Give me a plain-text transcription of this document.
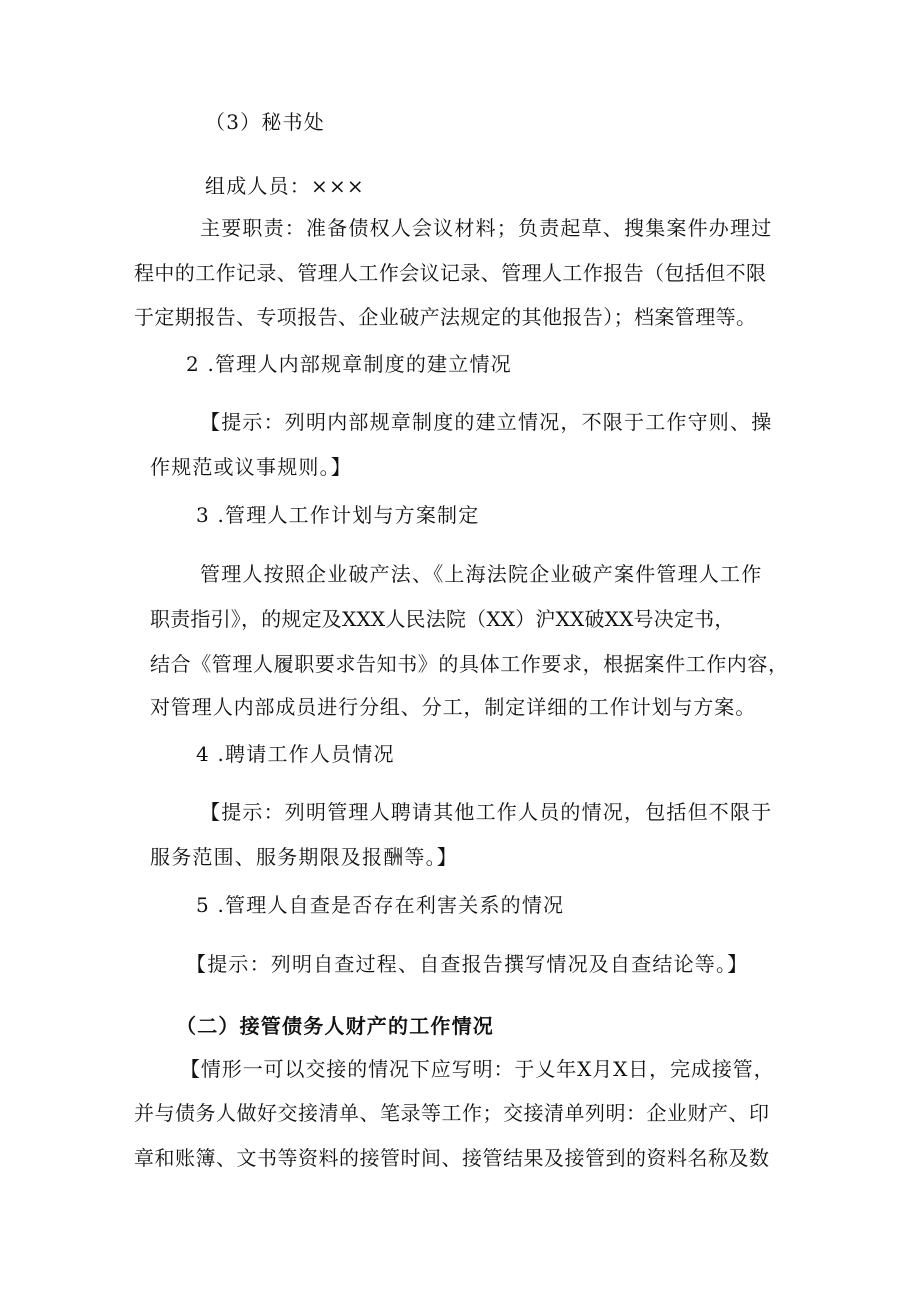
（3）秘书处
组成人员：×××
主要职责：准备债权人会议材料；负责起草、搜集案件办理过
程中的工作记录、管理人工作会议记录、管理人工作报告（包括但不限
于定期报告、专项报告、企业破产法规定的其他报告）；档案管理等。
2 .管理人内部规章制度的建立情况
【提示：列明内部规章制度的建立情况，不限于工作守则、操
作规范或议事规则。】
3 .管理人工作计划与方案制定
管理人按照企业破产法、《上海法院企业破产案件管理人工作
职责指引》，的规定及XXX人民法院（XX）沪XX破XX号决定书，
结合《管理人履职要求告知书》的具体工作要求，根据案件工作内容，
对管理人内部成员进行分组、分工，制定详细的工作计划与方案。
4 .聘请工作人员情况
【提示：列明管理人聘请其他工作人员的情况，包括但不限于
服务范围、服务期限及报酬等。】
5 .管理人自查是否存在利害关系的情况
【提示：列明自查过程、自查报告撰写情况及自查结论等。】
（二）接管债务人财产的工作情况
【情形一可以交接的情况下应写明：于乂年X月X日，完成接管，
并与债务人做好交接清单、笔录等工作；交接清单列明：企业财产、印
章和账簿、文书等资料的接管时间、接管结果及接管到的资料名称及数
